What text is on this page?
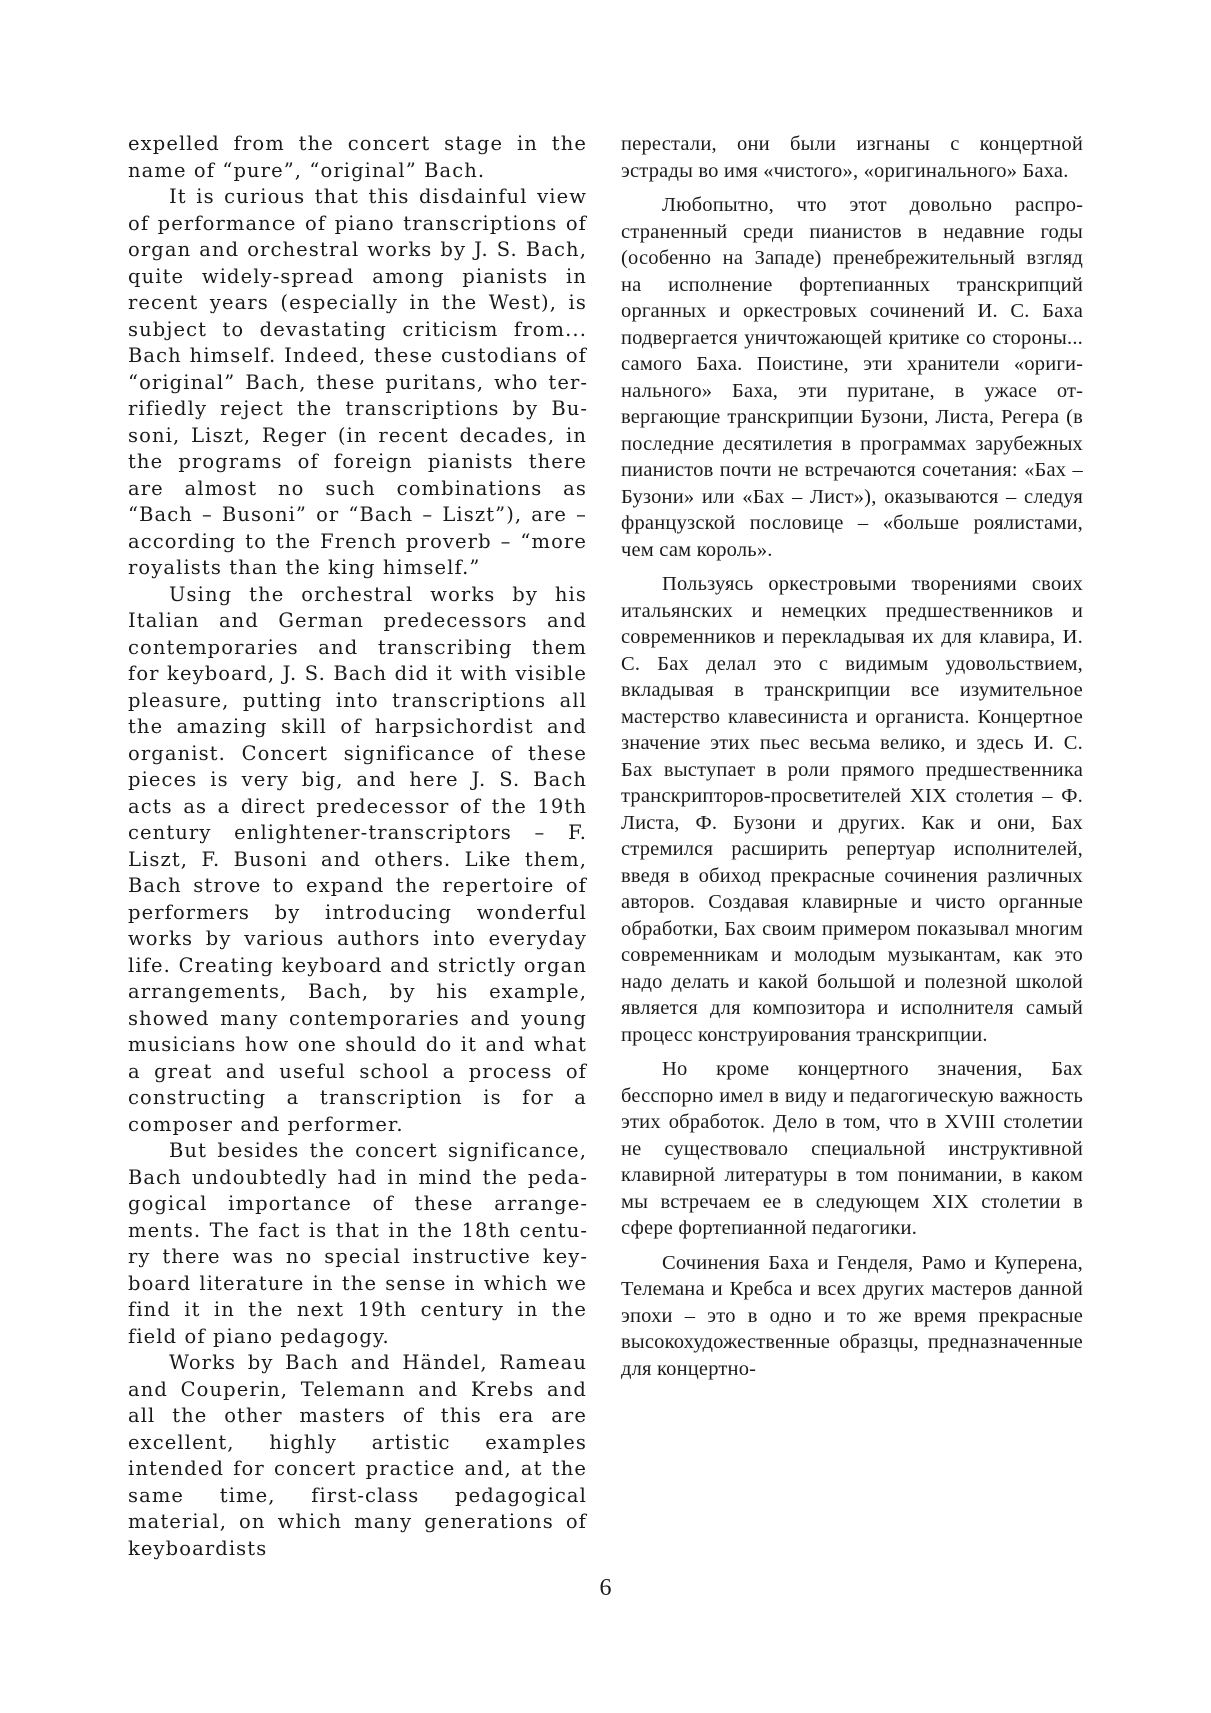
expelled from the concert stage in the name of “pure”, “original” Bach.

It is curious that this disdainful view of performance of piano transcriptions of organ and orchestral works by J. S. Bach, quite widely-spread among pianists in recent years (especially in the West), is subject to devastating criticism from... Bach himself. Indeed, these custodians of “original” Bach, these puritans, who terrifiedly reject the transcriptions by Busoni, Liszt, Reger (in recent decades, in the programs of foreign pianists there are almost no such combinations as “Bach – Busoni” or “Bach – Liszt”), are – according to the French proverb – “more royalists than the king himself.”

Using the orchestral works by his Italian and German predecessors and contemporaries and transcribing them for keyboard, J. S. Bach did it with visible pleasure, putting into transcriptions all the amazing skill of harpsichordist and organist. Concert significance of these pieces is very big, and here J. S. Bach acts as a direct predecessor of the 19th century enlightener-transcriptors – F. Liszt, F. Busoni and others. Like them, Bach strove to expand the repertoire of performers by introducing wonderful works by various authors into everyday life. Creating keyboard and strictly organ arrangements, Bach, by his example, showed many contemporaries and young musicians how one should do it and what a great and useful school a process of constructing a transcription is for a composer and performer.

But besides the concert significance, Bach undoubtedly had in mind the pedagogical importance of these arrangements. The fact is that in the 18th century there was no special instructive keyboard literature in the sense in which we find it in the next 19th century in the field of piano pedagogy.

Works by Bach and Händel, Rameau and Couperin, Telemann and Krebs and all the other masters of this era are excellent, highly artistic examples intended for concert practice and, at the same time, first-class pedagogical material, on which many generations of keyboardists

перестали, они были изгнаны с концертной эстрады во имя «чистого», «оригинального» Баха.

Любопытно, что этот довольно распространенный среди пианистов в недавние годы (особенно на Западе) пренебрежительный взгляд на исполнение фортепианных транскрипций органных и оркестровых сочинений И. С. Баха подвергается уничтожающей критике со стороны... самого Баха. Поистине, эти хранители «оригинального» Баха, эти пуритане, в ужасе отвергающие транскрипции Бузони, Листа, Регера (в последние десятилетия в программах зарубежных пианистов почти не встречаются сочетания: «Бах – Бузони» или «Бах – Лист»), оказываются – следуя французской пословице – «больше роялистами, чем сам король».

Пользуясь оркестровыми творениями своих итальянских и немецких предшественников и современников и перекладывая их для клавира, И. С. Бах делал это с видимым удовольствием, вкладывая в транскрипции все изумительное мастерство клавесиниста и органиста. Концертное значение этих пьес весьма велико, и здесь И. С. Бах выступает в роли прямого предшественника транскрипторов-просветителей XIX столетия – Ф. Листа, Ф. Бузони и других. Как и они, Бах стремился расширить репертуар исполнителей, введя в обиход прекрасные сочинения различных авторов. Создавая клавирные и чисто органные обработки, Бах своим примером показывал многим современникам и молодым музыкантам, как это надо делать и какой большой и полезной школой является для композитора и исполнителя самый процесс конструирования транскрипции.

Но кроме концертного значения, Бах бесспорно имел в виду и педагогическую важность этих обработок. Дело в том, что в XVIII столетии не существовало специальной инструктивной клавирной литературы в том понимании, в каком мы встречаем ее в следующем XIX столетии в сфере фортепианной педагогики.

Сочинения Баха и Генделя, Рамо и Куперена, Телемана и Кребса и всех других мастеров данной эпохи – это в одно и то же время прекрасные высокохудожественные образцы, предназначенные для концертно-

6
